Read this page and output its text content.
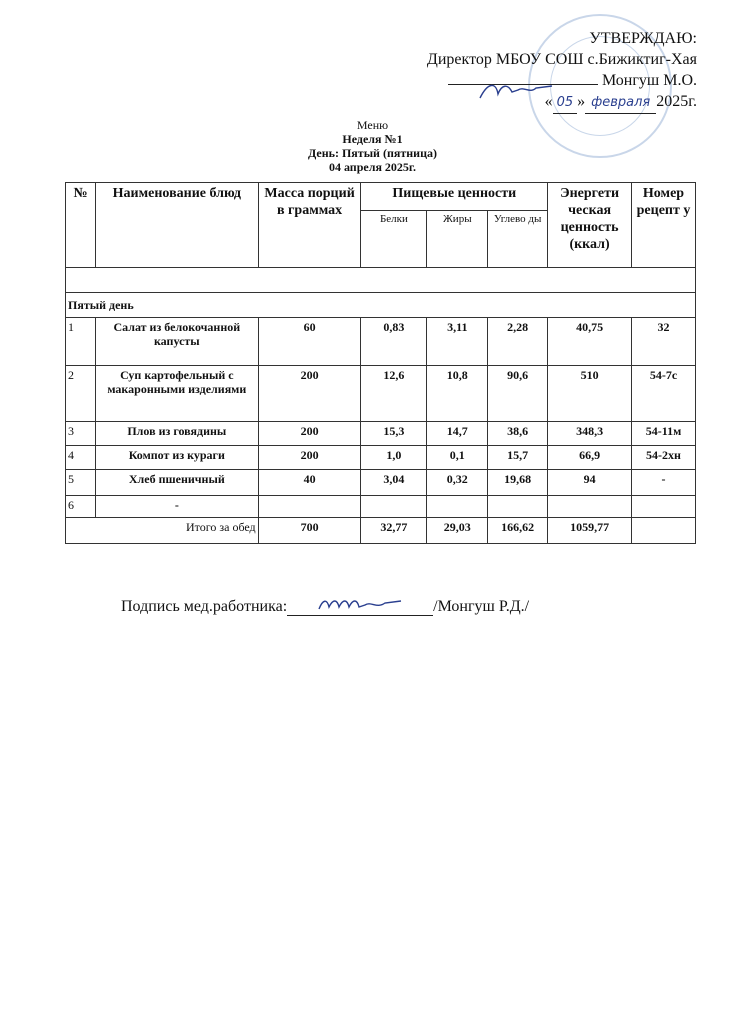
УТВЕРЖДАЮ:
Директор МБОУ СОШ с.Бижиктиг-Хая
Монгуш М.О.
« 05 » февраля 2025г.
Меню
Неделя №1
День: Пятый (пятница)
04 апреля 2025г.
№	Наименование блюд	Масса порций в граммах	Пищевые ценности			Энергети ческая ценность (ккал)	Номер рецепт у
			Белки	Жиры	Углево ды		

Пятый день							
1	Салат из белокочанной капусты	60	0,83	3,11	2,28	40,75	32
2	Суп картофельный с макаронными изделиями	200	12,6	10,8	90,6	510	54-7с
3	Плов из говядины	200	15,3	14,7	38,6	348,3	54-11м
4	Компот из кураги	200	1,0	0,1	15,7	66,9	54-2хн
5	Хлеб пшеничный	40	3,04	0,32	19,68	94	-
6	-						
Итого за обед		700	32,77	29,03	166,62	1059,77	
Подпись мед.работника:	/Монгуш Р.Д./
